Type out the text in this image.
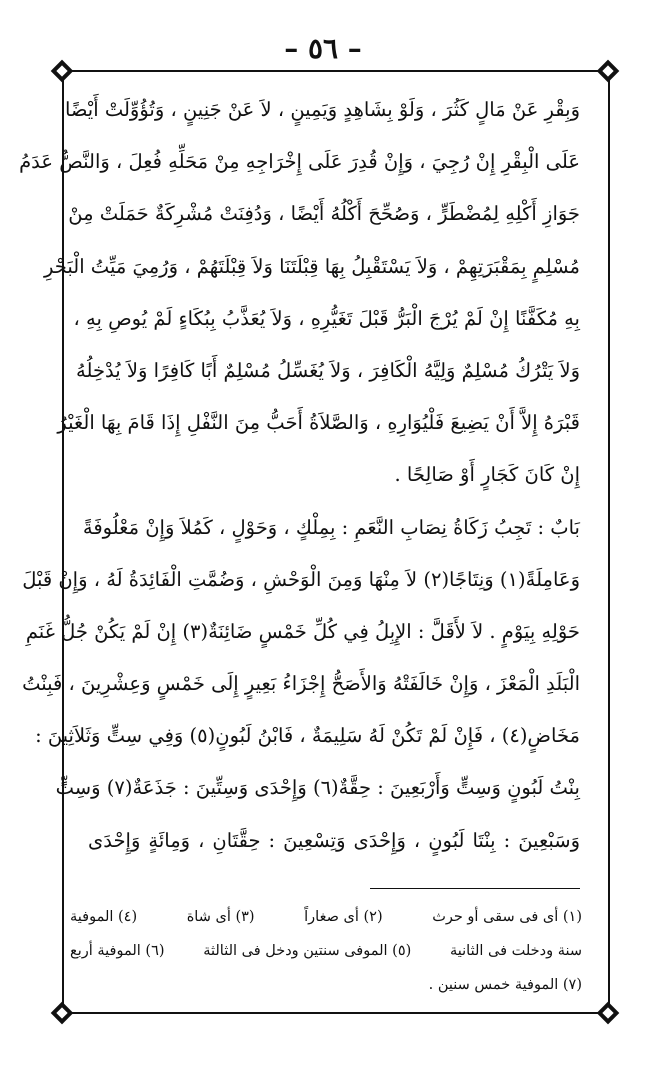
– ٥٦ –
وَبِقْرِ عَنْ مَالٍ كَثُرَ ، وَلَوْ بِشَاهِدٍ وَيَمِينٍ ، لاَ عَنْ جَنِينٍ ، وَتُؤُوِّلَتْ أَيْضًا
عَلَى الْبِقْرِ إِنْ رُجِيَ ، وَإِنْ قُدِرَ عَلَى إِخْرَاجِهِ مِنْ مَحَلِّهِ فُعِلَ ، وَالنَّصُّ عَدَمُ
جَوَازِ أَكْلِهِ لِمُضْطَرٍّ ، وَصُحِّحَ أَكْلُهُ أَيْضًا ، وَدُفِنَتْ مُشْرِكَةٌ حَمَلَتْ مِنْ
مُسْلِمٍ بِمَقْبَرَتِهِمْ ، وَلاَ يَسْتَقْبِلُ بِهَا قِبْلَتَنَا وَلاَ قِبْلَتَهُمْ ، وَرُمِيَ مَيِّتُ الْبَحْرِ
بِهِ مُكَفَّنًا إِنْ لَمْ يُرْجَ الْبَرُّ قَبْلَ تَغَيُّرِهِ ، وَلاَ يُعَذَّبُ بِبُكَاءٍ لَمْ يُوصِ بِهِ ،
وَلاَ يَتْرُكُ مُسْلِمٌ وَلِيَّهُ الْكَافِرَ ، وَلاَ يُغَسِّلُ مُسْلِمٌ أَبًا كَافِرًا وَلاَ يُدْخِلُهُ
قَبْرَهُ إِلاَّ أَنْ يَضِيعَ فَلْيُوَارِهِ ، وَالصَّلاَةُ أَحَبُّ مِنَ النَّفْلِ إِذَا قَامَ بِهَا الْغَيْرُ
إِنْ كَانَ كَجَارٍ أَوْ صَالِحًا .
بَابٌ : تَجِبُ زَكَاةُ نِصَابِ النَّعَمِ : بِمِلْكٍ ، وَحَوْلٍ ، كَمُلاَ وَإِنْ مَعْلُوفَةً
وَعَامِلَةً(١) وَنِتَاجًا(٢) لاَ مِنْهَا وَمِنَ الْوَحْشِ ، وَضُمَّتِ الْفَائِدَةُ لَهُ ، وَإِنْ قَبْلَ
حَوْلِهِ بِيَوْمٍ . لاَ لأَقَلَّ : الإِبِلُ فِي كُلِّ خَمْسٍ ضَائِنَةٌ(٣) إِنْ لَمْ يَكُنْ جُلُّ غَنَمِ
الْبَلَدِ الْمَعْزَ ، وَإِنْ خَالَفَتْهُ وَالأَصَحُّ إِجْزَاءُ بَعِيرٍ إِلَى خَمْسٍ وَعِشْرِينَ ، فَبِنْتُ
مَخَاضٍ(٤) ، فَإِنْ لَمْ تَكُنْ لَهُ سَلِيمَةٌ ، فَابْنُ لَبُونٍ(٥) وَفِي سِتٍّ وَثَلاَثِينَ :
بِنْتُ لَبُونٍ وَسِتٍّ وَأَرْبَعِينَ : حِقَّةٌ(٦) وَإِحْدَى وَسِتِّينَ : جَذَعَةٌ(٧) وَسِتٍّ
وَسَبْعِينَ : بِنْتَا لَبُونٍ ، وَإِحْدَى وَتِسْعِينَ : حِقَّتَانِ ، وَمِائَةٍ وَإِحْدَى
(١) أى فى سقى أو حرث
(٢) أى صغاراً
(٣) أى شاة
(٤) الموفية
سنة ودخلت فى الثانية
(٥) الموفى سنتين ودخل فى الثالثة
(٦) الموفية أربع
(٧) الموفية خمس سنين .
